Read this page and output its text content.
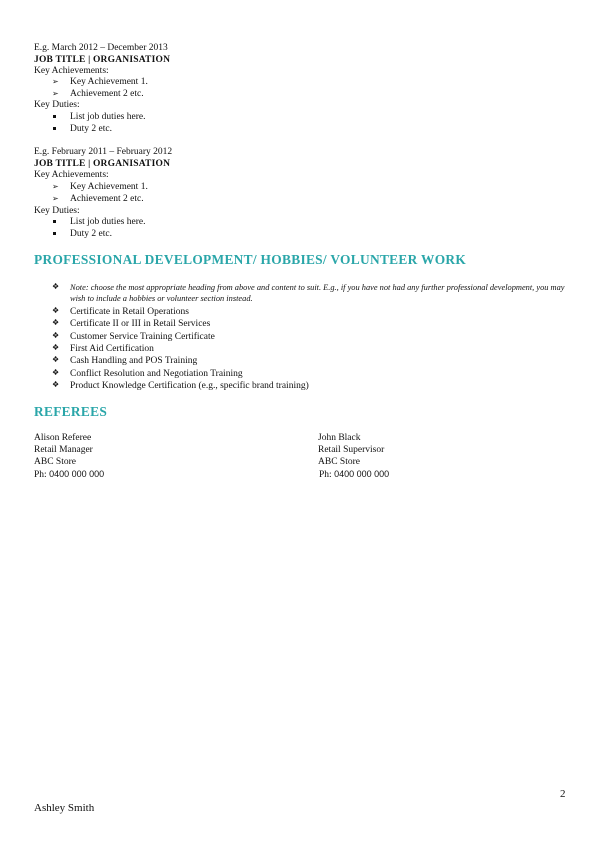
E.g. March 2012 – December 2013
JOB TITLE | ORGANISATION
Key Achievements:
➢ Key Achievement 1.
➢ Achievement 2 etc.
Key Duties:
List job duties here.
Duty 2 etc.
E.g. February 2011 – February 2012
JOB TITLE | ORGANISATION
Key Achievements:
➢ Key Achievement 1.
➢ Achievement 2 etc.
Key Duties:
List job duties here.
Duty 2 etc.
PROFESSIONAL DEVELOPMENT/ HOBBIES/ VOLUNTEER WORK
❖ Note: choose the most appropriate heading from above and content to suit. E.g., if you have not had any further professional development, you may wish to include a hobbies or volunteer section instead.
❖ Certificate in Retail Operations
❖ Certificate II or III in Retail Services
❖ Customer Service Training Certificate
❖ First Aid Certification
❖ Cash Handling and POS Training
❖ Conflict Resolution and Negotiation Training
❖ Product Knowledge Certification (e.g., specific brand training)
REFEREES
Alison Referee
Retail Manager
ABC Store
Ph: 0400 000 000
John Black
Retail Supervisor
ABC Store
Ph: 0400 000 000
2
Ashley Smith
